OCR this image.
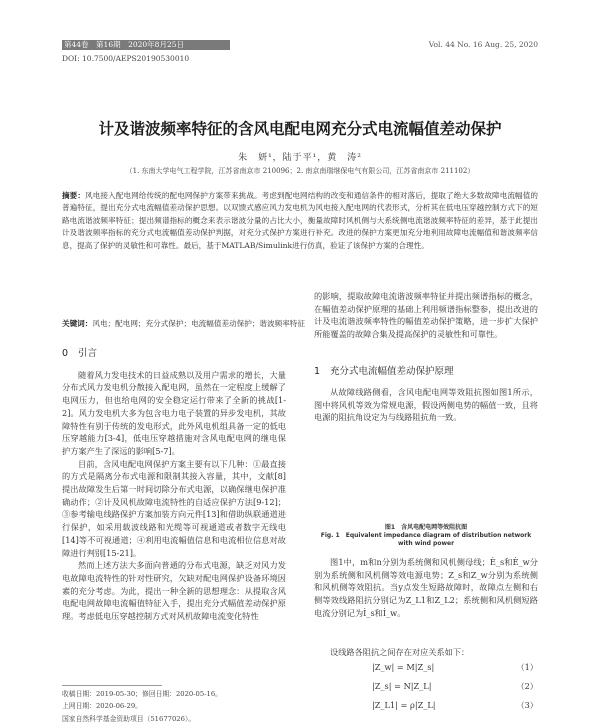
第44卷　第16期　2020年8月25日	Vol. 44 No. 16 Aug. 25, 2020
DOI: 10.7500/AEPS20190530010
计及谐波频率特征的含风电配电网充分式电流幅值差动保护
朱　妍¹，陆于平¹，黄　涛²
（1. 东南大学电气工程学院，江苏省南京市 210096；2. 南京南瑞继保电气有限公司，江苏省南京市 211102）
摘要：风电接入配电网给传统的配电网保护方案带来挑战。考虑到配电网结构的改变和通信条件的相对落后，提取了绝大多数故障电流幅值的普遍特征，提出充分式电流幅值差动保护思想。以双馈式感应风力发电机为风电接入配电网的代表形式，分析其在低电压穿越控制方式下的短路电流谐波频率特征；提出频谱指标的概念来表示谐波分量的占比大小，衡量故障时风机侧与大系统侧电流谐波频率特征的差异，基于此提出计及谐波频率指标的充分式电流幅值差动保护判据，对充分式保护方案进行补充。改进的保护方案更加充分地利用故障电流幅值和谐波频率信息，提高了保护的灵敏性和可靠性。最后，基于MATLAB/Simulink进行仿真，验证了该保护方案的合理性。
关键词：风电；配电网；充分式保护；电流幅值差动保护；谐波频率特征
0 引言
随着风力发电技术的日益成熟以及用户需求的增长，大量分布式风力发电机分散接入配电网，虽然在一定程度上缓解了电网压力，但也给电网的安全稳定运行带来了全新的挑战[1-2]。风力发电机大多为包含电力电子装置的异步发电机，其故障特性有别于传统的发电形式，此外风电机组具备一定的低电压穿越能力[3-4]，低电压穿越措施对含风电配电网的继电保护方案产生了深远的影响[5-7]。
目前，含风电配电网保护方案主要有以下几种：①最直接的方式是隔离分布式电源和限制其接入容量，其中，文献[8]提出故障发生后第一时间切除分布式电源，以确保继电保护准确动作；②计及风机故障电流特性的自适应保护方法[9-12]；③参考输电线路保护方案加装方向元件[13]和借助纵联通道进行保护，如采用载波线路和光缆等可视通道或者数字无线电[14]等不可视通道；④利用电流幅值信息和电流相位信息对故障进行判别[15-21]。
然而上述方法大多面向普通的分布式电源，缺乏对风力发电故障电流特性的针对性研究，欠缺对配电网保护设备环境因素的充分考虑。为此，提出一种全新的思想理念：从提取含风电配电网故障电流幅值特征入手，提出充分式幅值差动保护原理。考虑低电压穿越控制方式对风机故障电流变化特性
的影响，提取故障电流谐波频率特征并提出频谱指标的概念，在幅值差动保护原理的基础上利用频谱指标整参，提出改进的计及电流谐波频率特性的幅值差动保护策略，进一步扩大保护所能覆盖的故障合集及提高保护的灵敏性和可靠性。
1 充分式电流幅值差动保护原理
从故障线路侧看，含风电配电网等效阻抗图如图1所示，图中将风机等效为常规电源，假设两侧电势的幅值一致，且将电源的阻抗角设定为与线路阻抗角一致。
图1中，m和n分别为系统侧和风机侧母线；Ė_s和Ė_w分别为系统侧和风机侧等效电源电势；Z_s和Z_w分别为系统侧和风机侧等效阻抗。当y点发生短路故障时，故障点左侧和右侧等效线路阻抗分别记为Z_L1和Z_L2；系统侧和风机侧短路电流分别记为İ_s和İ_w。
设线路各阻抗之间存在对应关系如下：
图1　含风电配电网等效阻抗图
Fig. 1　 Equivalent impedance diagram of distribution network with wind power
|Z_w| = M|Z_s|	（1）
|Z_s| = N|Z_L|	（2）
|Z_L1| = ρ|Z_L|	（3）
收稿日期：2019-05-30；修回日期：2020-05-16。
上网日期：2020-06-29。
国家自然科学基金资助项目（51677026）。
